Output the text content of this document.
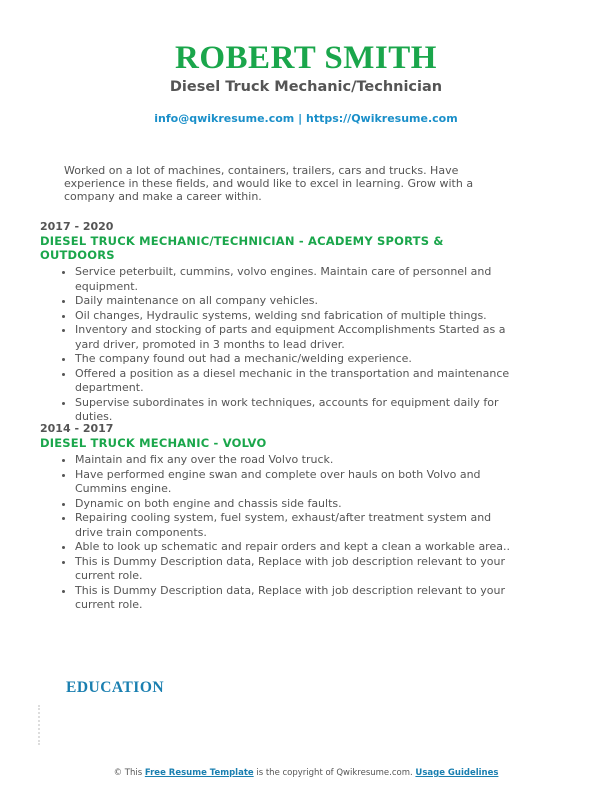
ROBERT SMITH
Diesel Truck Mechanic/Technician
info@qwikresume.com | https://Qwikresume.com
Worked on a lot of machines, containers, trailers, cars and trucks. Have experience in these fields, and would like to excel in learning. Grow with a company and make a career within.
2017 - 2020
DIESEL TRUCK MECHANIC/TECHNICIAN - ACADEMY SPORTS & OUTDOORS
• Service peterbuilt, cummins, volvo engines. Maintain care of personnel and equipment.
• Daily maintenance on all company vehicles.
• Oil changes, Hydraulic systems, welding snd fabrication of multiple things.
• Inventory and stocking of parts and equipment Accomplishments Started as a yard driver, promoted in 3 months to lead driver.
• The company found out had a mechanic/welding experience.
• Offered a position as a diesel mechanic in the transportation and maintenance department.
• Supervise subordinates in work techniques, accounts for equipment daily for duties.
2014 - 2017
DIESEL TRUCK MECHANIC - VOLVO
• Maintain and fix any over the road Volvo truck.
• Have performed engine swan and complete over hauls on both Volvo and Cummins engine.
• Dynamic on both engine and chassis side faults.
• Repairing cooling system, fuel system, exhaust/after treatment system and drive train components.
• Able to look up schematic and repair orders and kept a clean a workable area..
• This is Dummy Description data, Replace with job description relevant to your current role.
• This is Dummy Description data, Replace with job description relevant to your current role.
EDUCATION
© This Free Resume Template is the copyright of Qwikresume.com. Usage Guidelines
